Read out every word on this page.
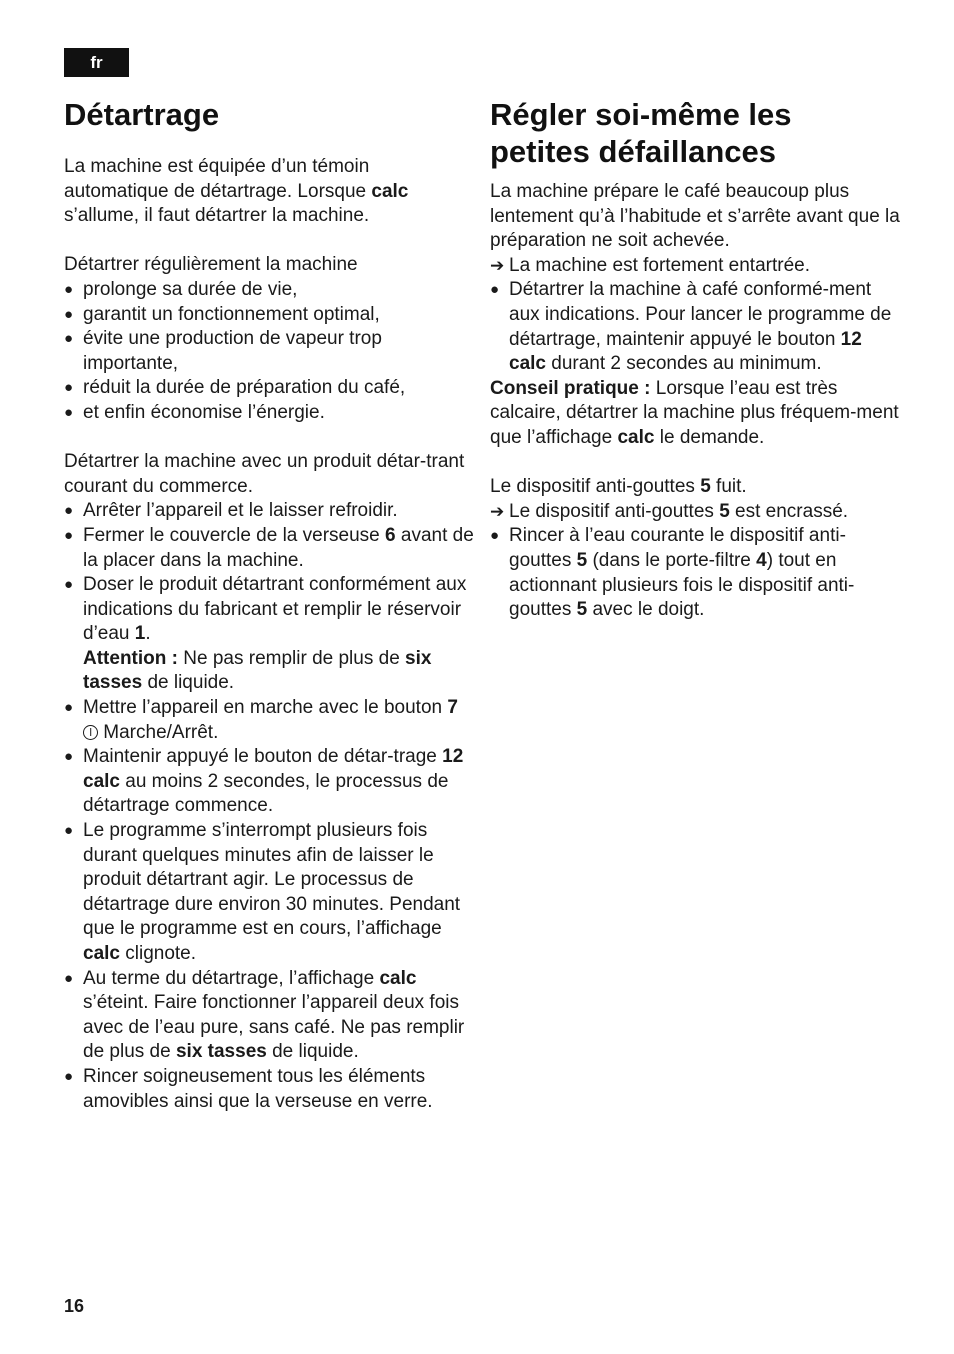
fr
Détartrage

La machine est équipée d’un témoin automatique de détartrage. Lorsque calc s’allume, il faut détartrer la machine.

Détartrer régulièrement la machine

● prolonge sa durée de vie,
● garantit un fonctionnement optimal,
● évite une production de vapeur trop importante,
● réduit la durée de préparation du café,
● et enfin économise l’énergie.

Détartrer la machine avec un produit détar-trant courant du commerce.

● Arrêter l’appareil et le laisser refroidir.
● Fermer le couvercle de la verseuse 6 avant de la placer dans la machine.
● Doser le produit détartrant conformément aux indications du fabricant et remplir le réservoir d’eau 1.
Attention : Ne pas remplir de plus de six tasses de liquide.
● Mettre l’appareil en marche avec le bouton 7  Marche/Arrêt.
● Maintenir appuyé le bouton de détar-trage 12 calc au moins 2 secondes, le processus de détartrage commence.
● Le programme s’interrompt plusieurs fois durant quelques minutes afin de laisser le produit détartrant agir. Le processus de détartrage dure environ 30 minutes. Pendant que le programme est en cours, l’affichage calc clignote.
● Au terme du détartrage, l’affichage calc s’éteint. Faire fonctionner l’appareil deux fois avec de l’eau pure, sans café. Ne pas remplir de plus de six tasses de liquide.
● Rincer soigneusement tous les éléments amovibles ainsi que la verseuse en verre.
Régler soi-même les petites défaillances

La machine prépare le café beaucoup plus lentement qu’à l’habitude et s’arrête avant que la préparation ne soit achevée.

➔ La machine est fortement entartrée.
● Détartrer la machine à café conformé-ment aux indications. Pour lancer le programme de détartrage, maintenir appuyé le bouton 12 calc durant 2 secondes au minimum.

Conseil pratique : Lorsque l’eau est très calcaire, détartrer la machine plus fréquem-ment que l’affichage calc le demande.

Le dispositif anti-gouttes 5 fuit.

➔ Le dispositif anti-gouttes 5 est encrassé.
● Rincer à l’eau courante le dispositif anti-gouttes 5 (dans le porte-filtre 4) tout en actionnant plusieurs fois le dispositif anti-gouttes 5 avec le doigt.
16
